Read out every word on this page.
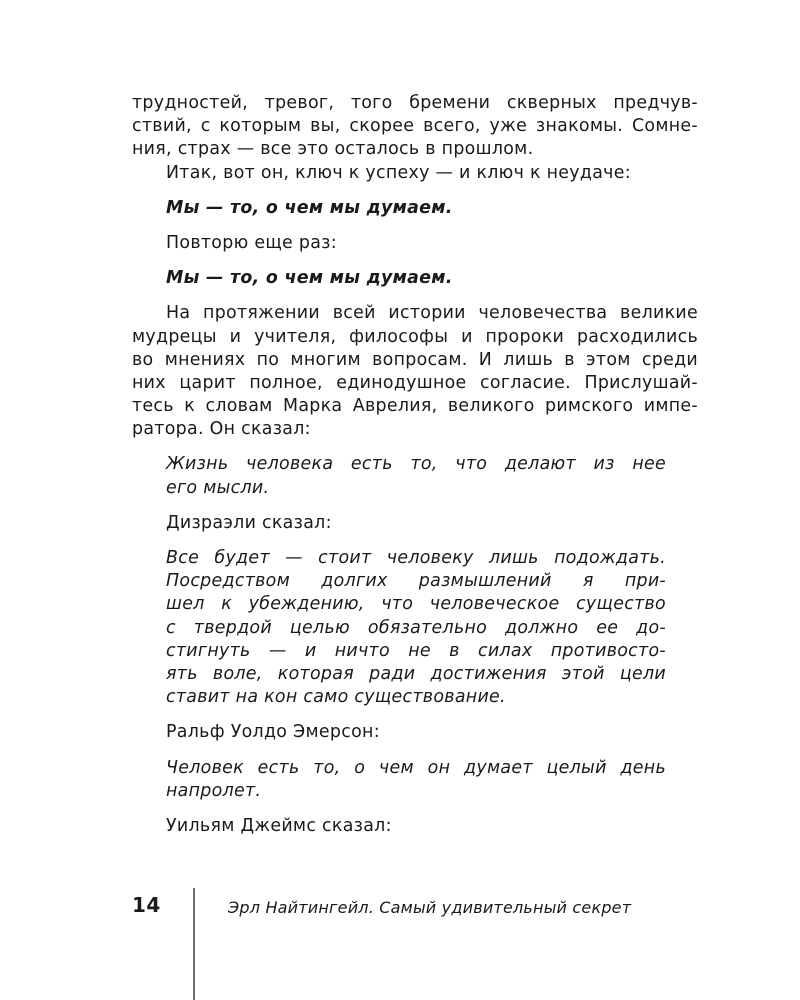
трудностей, тревог, того бремени скверных предчув-
ствий, с которым вы, скорее всего, уже знакомы. Сомне-
ния, страх — все это осталось в прошлом.
Итак, вот он, ключ к успеху — и ключ к неудаче:
Мы — то, о чем мы думаем.
Повторю еще раз:
Мы — то, о чем мы думаем.
На протяжении всей истории человечества великие
мудрецы и учителя, философы и пророки расходились
во мнениях по многим вопросам. И лишь в этом среди
них царит полное, единодушное согласие. Прислушай-
тесь к словам Марка Аврелия, великого римского импе-
ратора. Он сказал:
Жизнь человека есть то, что делают из нее
его мысли.
Дизраэли сказал:
Все будет — стоит человеку лишь подождать.
Посредством долгих размышлений я при-
шел к убеждению, что человеческое существо
с твердой целью обязательно должно ее до-
стигнуть — и ничто не в силах противосто-
ять воле, которая ради достижения этой цели
ставит на кон само существование.
Ральф Уолдо Эмерсон:
Человек есть то, о чем он думает целый день
напролет.
Уильям Джеймс сказал:
14	Эрл Найтингейл. Самый удивительный секрет
